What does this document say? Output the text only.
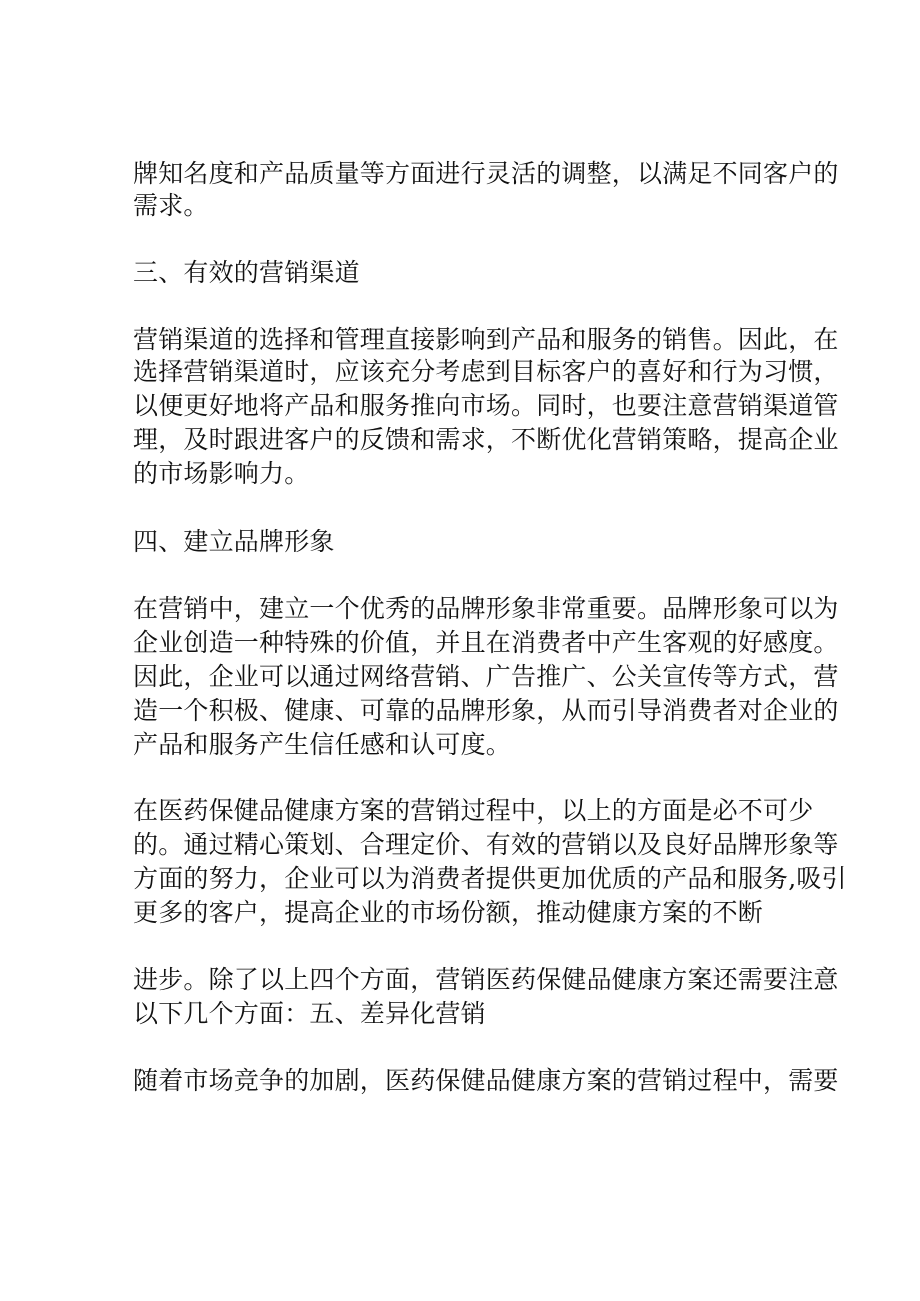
牌知名度和产品质量等方面进行灵活的调整，以满足不同客户的
需求。
三、有效的营销渠道
营销渠道的选择和管理直接影响到产品和服务的销售。因此，在
选择营销渠道时，应该充分考虑到目标客户的喜好和行为习惯，
以便更好地将产品和服务推向市场。同时，也要注意营销渠道管
理，及时跟进客户的反馈和需求，不断优化营销策略，提高企业
的市场影响力。
四、建立品牌形象
在营销中，建立一个优秀的品牌形象非常重要。品牌形象可以为
企业创造一种特殊的价值，并且在消费者中产生客观的好感度。
因此，企业可以通过网络营销、广告推广、公关宣传等方式，营
造一个积极、健康、可靠的品牌形象，从而引导消费者对企业的
产品和服务产生信任感和认可度。
在医药保健品健康方案的营销过程中，以上的方面是必不可少
的。通过精心策划、合理定价、有效的营销以及良好品牌形象等
方面的努力，企业可以为消费者提供更加优质的产品和服务,吸引
更多的客户，提高企业的市场份额，推动健康方案的不断
进步。除了以上四个方面，营销医药保健品健康方案还需要注意
以下几个方面：五、差异化营销
随着市场竞争的加剧，医药保健品健康方案的营销过程中，需要
